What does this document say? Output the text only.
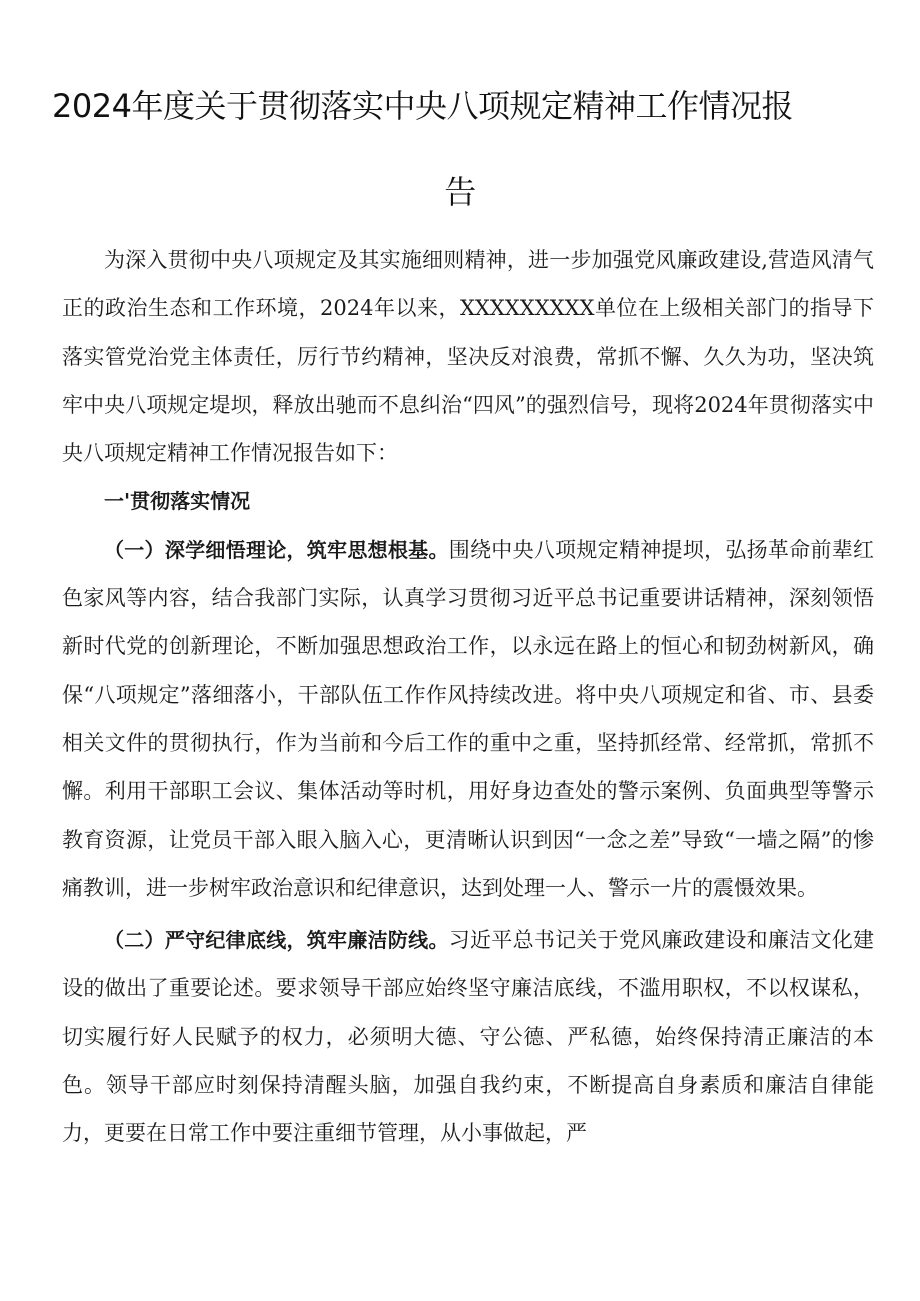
2024年度关于贯彻落实中央八项规定精神工作情况报
告

为深入贯彻中央八项规定及其实施细则精神，进一步加强党风廉政建设,营造风清气正的政治生态和工作环境，2024年以来，XXXXXXXXX单位在上级相关部门的指导下落实管党治党主体责任，厉行节约精神，坚决反对浪费，常抓不懈、久久为功，坚决筑牢中央八项规定堤坝，释放出驰而不息纠治“四风”的强烈信号，现将2024年贯彻落实中央八项规定精神工作情况报告如下：

一'贯彻落实情况

（一）深学细悟理论，筑牢思想根基。围绕中央八项规定精神提坝，弘扬革命前辈红色家风等内容，结合我部门实际，认真学习贯彻习近平总书记重要讲话精神，深刻领悟新时代党的创新理论，不断加强思想政治工作，以永远在路上的恒心和韧劲树新风，确保“八项规定”落细落小，干部队伍工作作风持续改进。将中央八项规定和省、市、县委相关文件的贯彻执行，作为当前和今后工作的重中之重，坚持抓经常、经常抓，常抓不懈。利用干部职工会议、集体活动等时机，用好身边查处的警示案例、负面典型等警示教育资源，让党员干部入眼入脑入心，更清晰认识到因“一念之差”导致“一墙之隔”的惨痛教训，进一步树牢政治意识和纪律意识，达到处理一人、警示一片的震慑效果。

（二）严守纪律底线，筑牢廉洁防线。习近平总书记关于党风廉政建设和廉洁文化建设的做出了重要论述。要求领导干部应始终坚守廉洁底线，不滥用职权，不以权谋私，切实履行好人民赋予的权力，必须明大德、守公德、严私德，始终保持清正廉洁的本色。领导干部应时刻保持清醒头脑，加强自我约束，不断提高自身素质和廉洁自律能力，更要在日常工作中要注重细节管理，从小事做起，严
